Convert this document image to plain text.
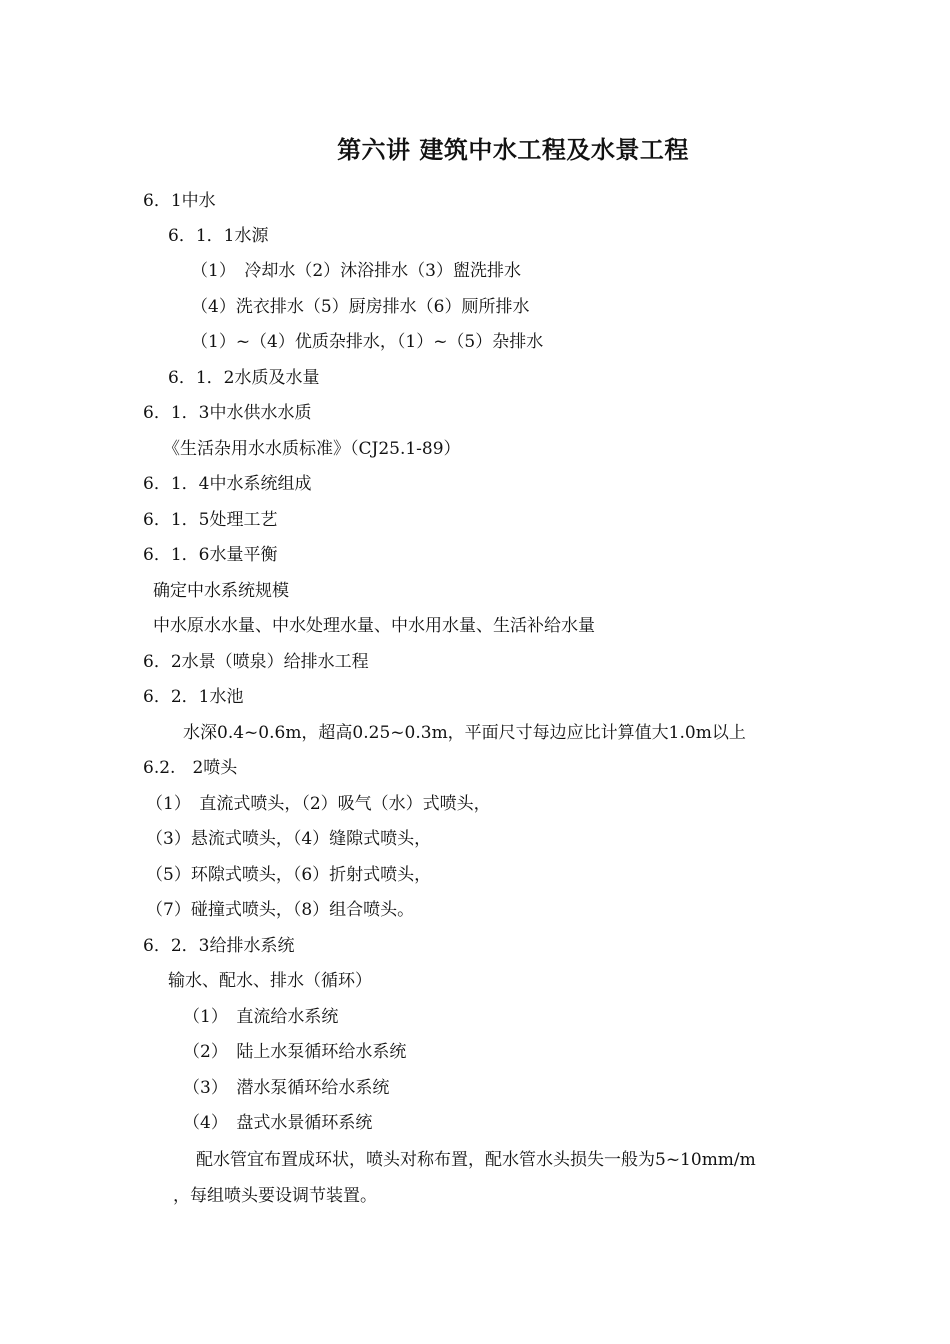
第六讲 建筑中水工程及水景工程
6．1中水
6．1．1水源
（1）　冷却水（2）沐浴排水（3）盥洗排水
（4）洗衣排水（5）厨房排水（6）厕所排水
（1）~（4）优质杂排水，（1）~（5）杂排水
6．1．2水质及水量
6．1．3中水供水水质
《生活杂用水水质标准》（CJ25.1-89）
6．1．4中水系统组成
6．1．5处理工艺
6．1．6水量平衡
确定中水系统规模
中水原水水量、中水处理水量、中水用水量、生活补给水量
6．2水景（喷泉）给排水工程
6．2．1水池
水深0.4~0.6m，超高0.25~0.3m，平面尺寸每边应比计算值大1.0m以上
6.2.　2喷头
（1）　直流式喷头，（2）吸气（水）式喷头，
（3）悬流式喷头，（4）缝隙式喷头，
（5）环隙式喷头，（6）折射式喷头，
（7）碰撞式喷头，（8）组合喷头。
6．2．3给排水系统
输水、配水、排水（循环）
（1）　直流给水系统
（2）　陆上水泵循环给水系统
（3）　潜水泵循环给水系统
（4）　盘式水景循环系统
配水管宜布置成环状，喷头对称布置，配水管水头损失一般为5~10mm/m
，每组喷头要设调节装置。
